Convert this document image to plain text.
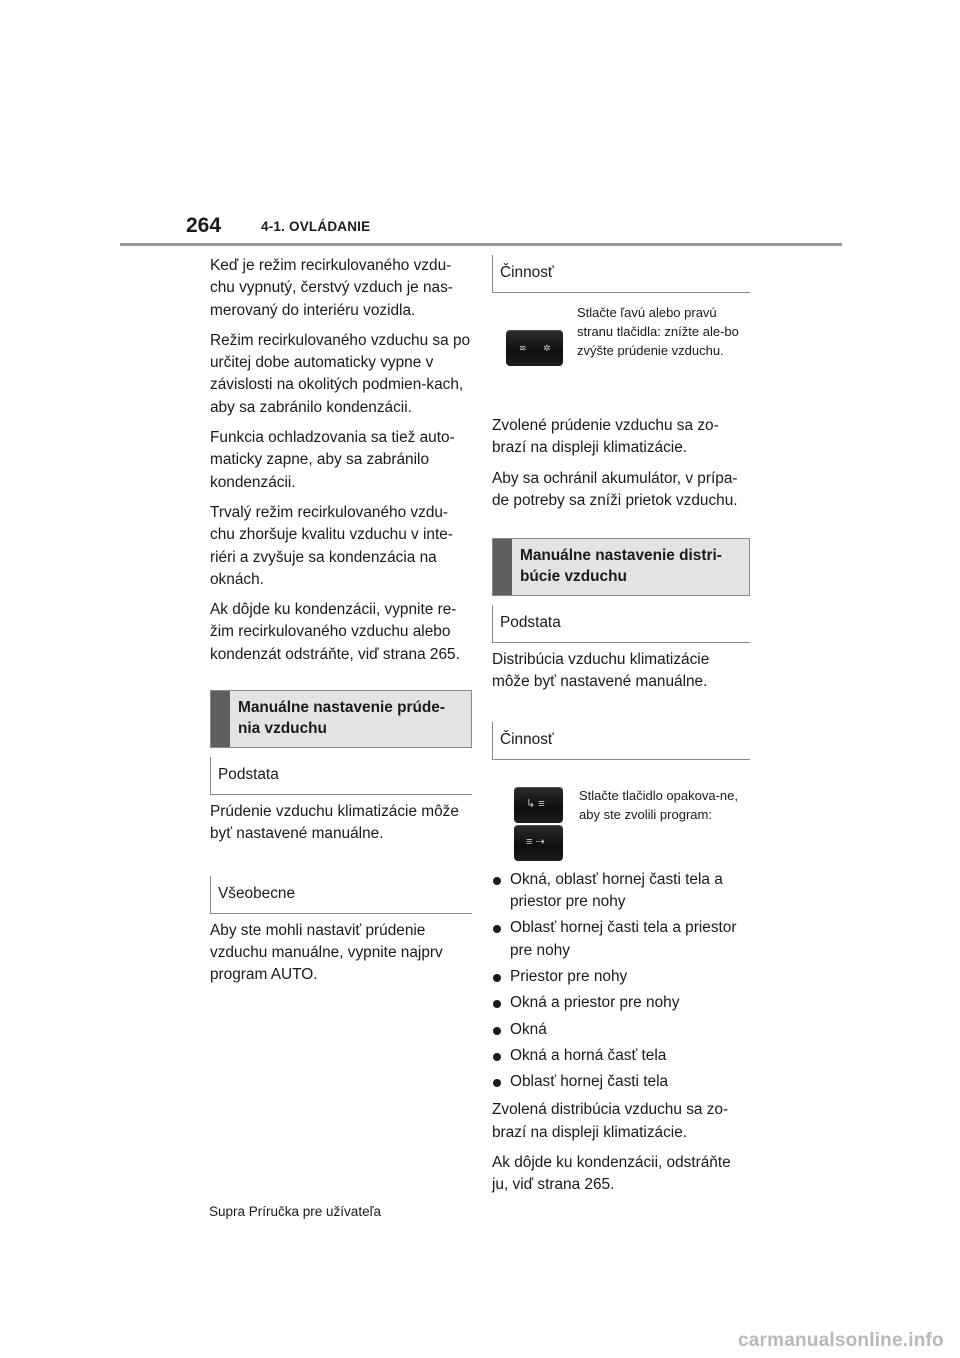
264	4-1. OVLÁDANIE

Keď je režim recirkulovaného vzdu-chu vypnutý, čerstvý vzduch je nas-merovaný do interiéru vozidla.

Režim recirkulovaného vzduchu sa po určitej dobe automaticky vypne v závislosti na okolitých podmien-kach, aby sa zabránilo kondenzácii.

Funkcia ochladzovania sa tiež auto-maticky zapne, aby sa zabránilo kondenzácii.

Trvalý režim recirkulovaného vzdu-chu zhoršuje kvalitu vzduchu v inte-riéri a zvyšuje sa kondenzácia na oknách.

Ak dôjde ku kondenzácii, vypnite re-žim recirkulovaného vzduchu alebo kondenzát odstráňte, viď strana 265.

Manuálne nastavenie prúde-nia vzduchu
Podstata

Prúdenie vzduchu klimatizácie môže byť nastavené manuálne.

Všeobecne

Aby ste mohli nastaviť prúdenie vzduchu manuálne, vypnite najprv program AUTO.

Činnosť
≋ ✲
Stlačte ľavú alebo pravú stranu tlačidla: znížte ale-bo zvýšte prúdenie vzduchu.

Zvolené prúdenie vzduchu sa zo-brazí na displeji klimatizácie.

Aby sa ochránil akumulátor, v prípa-de potreby sa zníži prietok vzduchu.

Manuálne nastavenie distri-búcie vzduchu
Podstata

Distribúcia vzduchu klimatizácie môže byť nastavené manuálne.

Činnosť
↳ ≡
≡ ⇢
Stlačte tlačidlo opakova-ne, aby ste zvolili program:
Okná, oblasť hornej časti tela a priestor pre nohy
Oblasť hornej časti tela a priestor pre nohy
Priestor pre nohy
Okná a priestor pre nohy
Okná
Okná a horná časť tela
Oblasť hornej časti tela

Zvolená distribúcia vzduchu sa zo-brazí na displeji klimatizácie.

Ak dôjde ku kondenzácii, odstráňte ju, viď strana 265.

Supra Príručka pre užívateľa
carmanualsonline.info
